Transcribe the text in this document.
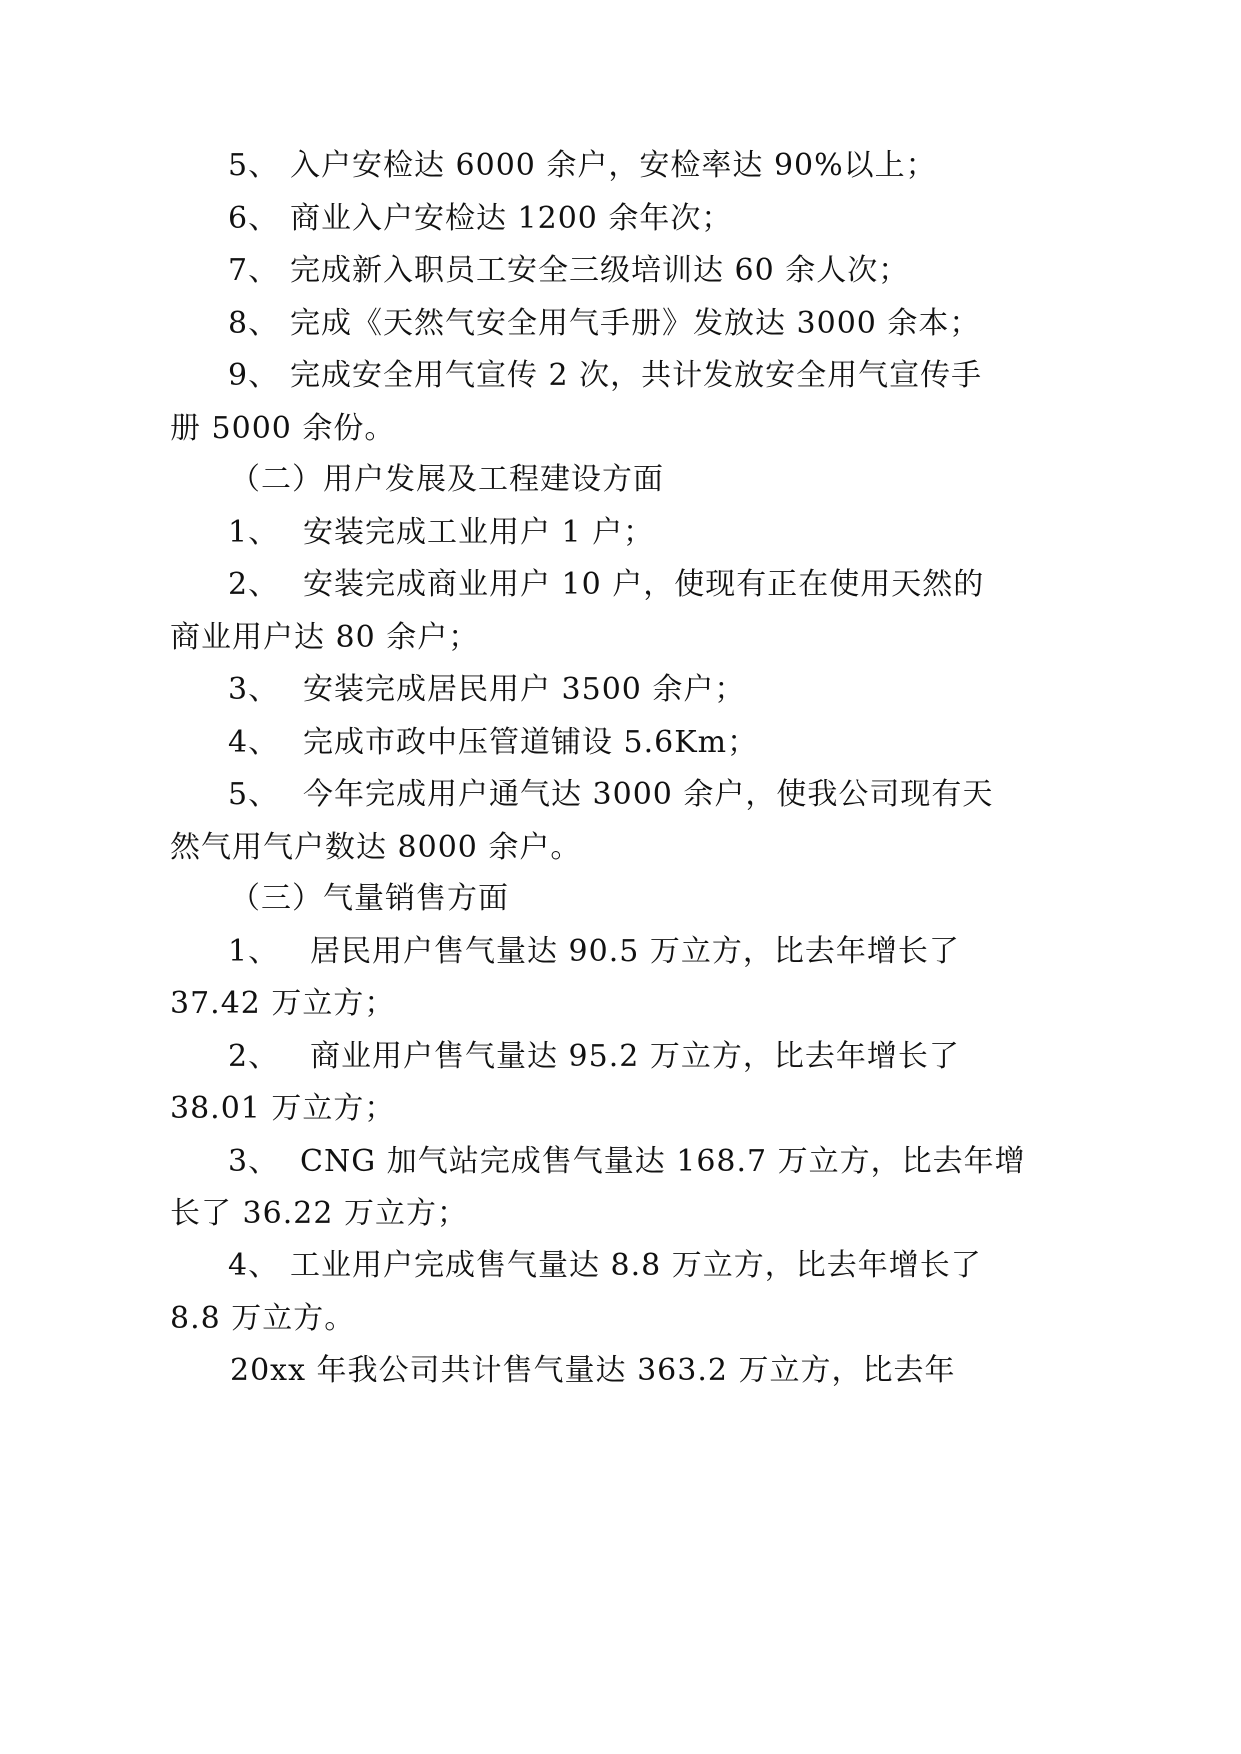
5、 入户安检达 6000 余户，安检率达 90%以上；
6、 商业入户安检达 1200 余年次；
7、 完成新入职员工安全三级培训达 60 余人次；
8、 完成《天然气安全用气手册》发放达 3000 余本；
9、 完成安全用气宣传 2 次，共计发放安全用气宣传手
册 5000 余份。
（二）用户发展及工程建设方面
1、 安装完成工业用户 1 户；
2、 安装完成商业用户 10 户，使现有正在使用天然的
商业用户达 80 余户；
3、 安装完成居民用户 3500 余户；
4、 完成市政中压管道铺设 5.6Km；
5、 今年完成用户通气达 3000 余户，使我公司现有天
然气用气户数达 8000 余户。
（三）气量销售方面
1、 居民用户售气量达 90.5 万立方，比去年增长了
37.42 万立方；
2、 商业用户售气量达 95.2 万立方，比去年增长了
38.01 万立方；
3、 CNG 加气站完成售气量达 168.7 万立方，比去年增
长了 36.22 万立方；
4、 工业用户完成售气量达 8.8 万立方，比去年增长了
8.8 万立方。
20xx 年我公司共计售气量达 363.2 万立方，比去年
